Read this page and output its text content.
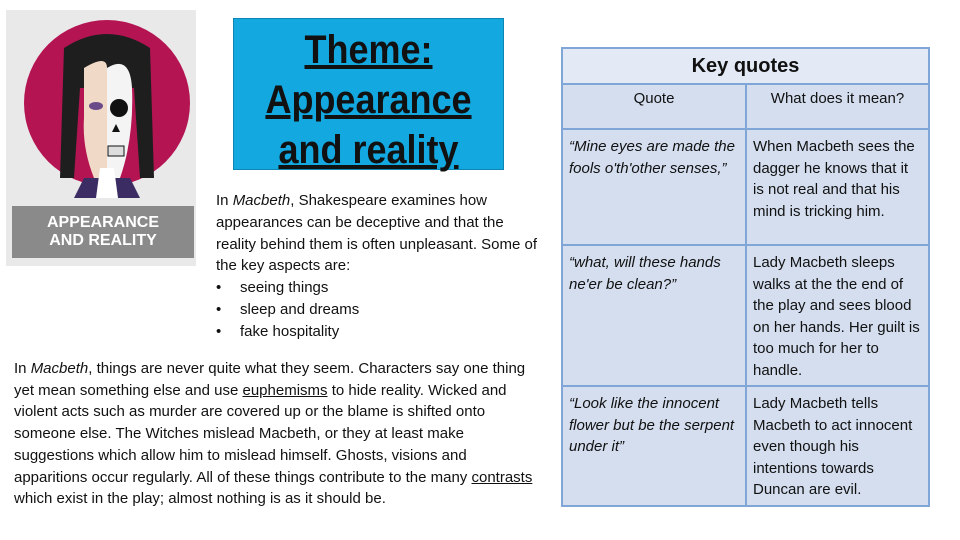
APPEARANCE
AND REALITY
Theme:
Appearance
and reality
In Macbeth, Shakespeare examines how appearances can be deceptive and that the reality behind them is often unpleasant. Some of the key aspects are:
• seeing things
• sleep and dreams
• fake hospitality
In Macbeth, things are never quite what they seem. Characters say one thing yet mean something else and use euphemisms to hide reality. Wicked and violent acts such as murder are covered up or the blame is shifted onto someone else. The Witches mislead Macbeth, or they at least make suggestions which allow him to mislead himself. Ghosts, visions and apparitions occur regularly. All of these things contribute to the many contrasts which exist in the play; almost nothing is as it should be.
Key quotes	
Quote	What does it mean?
“Mine eyes are made the fools o'th'other senses,”	When Macbeth sees the dagger he knows that it is not real and that his mind is tricking him.
“what, will these hands ne'er be clean?”	Lady Macbeth sleeps walks at the the end of the play and sees blood on her hands. Her guilt is too much for her to handle.
“Look like the innocent flower but be the serpent under it”	Lady Macbeth tells Macbeth to act innocent even though his intentions towards Duncan are evil.
